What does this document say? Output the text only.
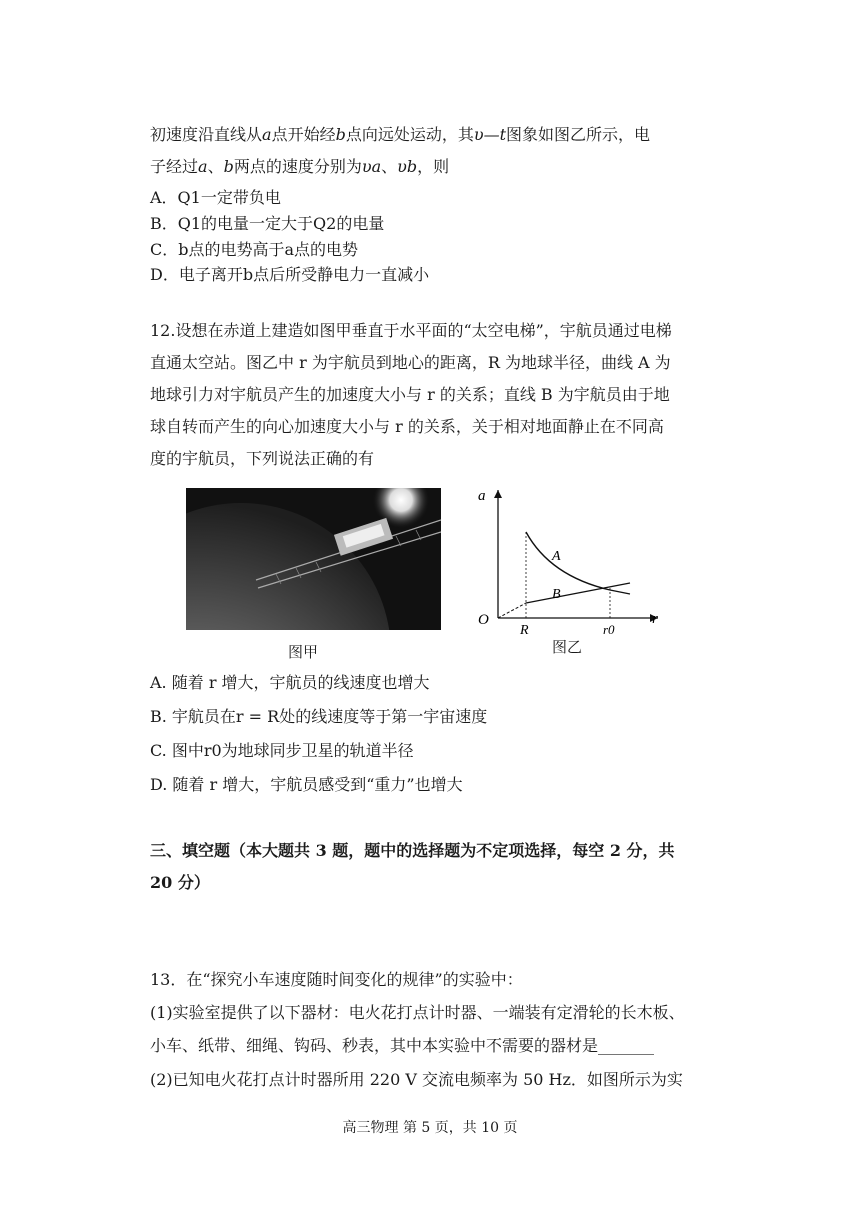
初速度沿直线从a点开始经b点向远处运动，其υ—t图象如图乙所示，电
子经过a、b两点的速度分别为υa、υb，则
A．Q1一定带负电
B．Q1的电量一定大于Q2的电量
C．b点的电势高于a点的电势
D．电子离开b点后所受静电力一直减小
12.设想在赤道上建造如图甲垂直于水平面的“太空电梯”，宇航员通过电梯
直通太空站。图乙中 r 为宇航员到地心的距离，R 为地球半径，曲线 A 为
地球引力对宇航员产生的加速度大小与 r 的关系；直线 B 为宇航员由于地
球自转而产生的向心加速度大小与 r 的关系，关于相对地面静止在不同高
度的宇航员，下列说法正确的有
图甲
a
r
O
R	r0
A
B
图乙
A. 随着 r 增大，宇航员的线速度也增大
B. 宇航员在r = R处的线速度等于第一宇宙速度
C. 图中r0为地球同步卫星的轨道半径
D. 随着 r 增大，宇航员感受到“重力”也增大
三、填空题（本大题共 3 题，题中的选择题为不定项选择，每空 2 分，共
20 分）
13．在“探究小车速度随时间变化的规律”的实验中：
(1)实验室提供了以下器材：电火花打点计时器、一端装有定滑轮的长木板、
小车、纸带、细绳、钩码、秒表，其中本实验中不需要的器材是_______
(2)已知电火花打点计时器所用 220 V 交流电频率为 50 Hz．如图所示为实
高三物理 第 5 页，共 10 页
